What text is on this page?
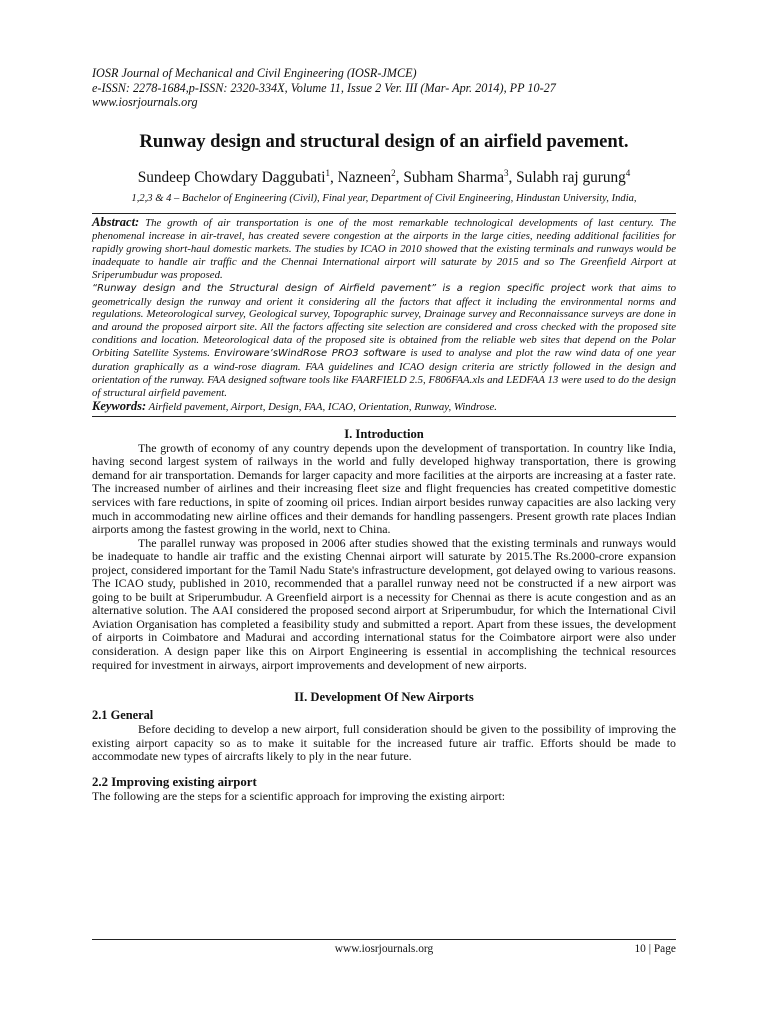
IOSR Journal of Mechanical and Civil Engineering (IOSR-JMCE)
e-ISSN: 2278-1684,p-ISSN: 2320-334X, Volume 11, Issue 2 Ver. III (Mar- Apr. 2014), PP 10-27
www.iosrjournals.org
Runway design and structural design of an airfield pavement.
Sundeep Chowdary Daggubati$^1$, Nazneen$^2$, Subham Sharma$^3$, Sulabh raj gurung$^4$
1,2,3 & 4 – Bachelor of Engineering (Civil), Final year, Department of Civil Engineering, Hindustan University, India,
Abstract: The growth of air transportation is one of the most remarkable technological developments of last century. The phenomenal increase in air-travel, has created severe congestion at the airports in the large cities, needing additional facilities for rapidly growing short-haul domestic markets. The studies by ICAO in 2010 showed that the existing terminals and runways would be inadequate to handle air traffic and the Chennai International airport will saturate by 2015 and so The Greenfield Airport at Sriperumbudur was proposed.
“Runway design and the Structural design of Airfield pavement” is a region specific project work that aims to geometrically design the runway and orient it considering all the factors that affect it including the environmental norms and regulations. Meteorological survey, Geological survey, Topographic survey, Drainage survey and Reconnaissance surveys are done in and around the proposed airport site. All the factors affecting site selection are considered and cross checked with the proposed site conditions and location. Meteorological data of the proposed site is obtained from the reliable web sites that depend on the Polar Orbiting Satellite Systems. Enviroware’sWindRose PRO3 software is used to analyse and plot the raw wind data of one year duration graphically as a wind-rose diagram. FAA guidelines and ICAO design criteria are strictly followed in the design and orientation of the runway. FAA designed software tools like FAARFIELD 2.5, F806FAA.xls and LEDFAA 13 were used to do the design of structural airfield pavement.
Keywords: Airfield pavement, Airport, Design, FAA, ICAO, Orientation, Runway, Windrose.
I. Introduction

The growth of economy of any country depends upon the development of transportation. In country like India, having second largest system of railways in the world and fully developed highway transportation, there is growing demand for air transportation. Demands for larger capacity and more facilities at the airports are increasing at a faster rate. The increased number of airlines and their increasing fleet size and flight frequencies has created competitive domestic services with fare reductions, in spite of zooming oil prices. Indian airport besides runway capacities are also lacking very much in accommodating new airline offices and their demands for handling passengers. Present growth rate places Indian airports among the fastest growing in the world, next to China.

The parallel runway was proposed in 2006 after studies showed that the existing terminals and runways would be inadequate to handle air traffic and the existing Chennai airport will saturate by 2015.The Rs.2000-crore expansion project, considered important for the Tamil Nadu State's infrastructure development, got delayed owing to various reasons. The ICAO study, published in 2010, recommended that a parallel runway need not be constructed if a new airport was going to be built at Sriperumbudur. A Greenfield airport is a necessity for Chennai as there is acute congestion and as an alternative solution. The AAI considered the proposed second airport at Sriperumbudur, for which the International Civil Aviation Organisation has completed a feasibility study and submitted a report. Apart from these issues, the development of airports in Coimbatore and Madurai and according international status for the Coimbatore airport were also under consideration. A design paper like this on Airport Engineering is essential in accomplishing the technical resources required for investment in airways, airport improvements and development of new airports.

II. Development Of New Airports
2.1 General

Before deciding to develop a new airport, full consideration should be given to the possibility of improving the existing airport capacity so as to make it suitable for the increased future air traffic. Efforts should be made to accommodate new types of aircrafts likely to ply in the near future.

2.2 Improving existing airport
The following are the steps for a scientific approach for improving the existing airport:
www.iosrjournals.org	10 | Page
